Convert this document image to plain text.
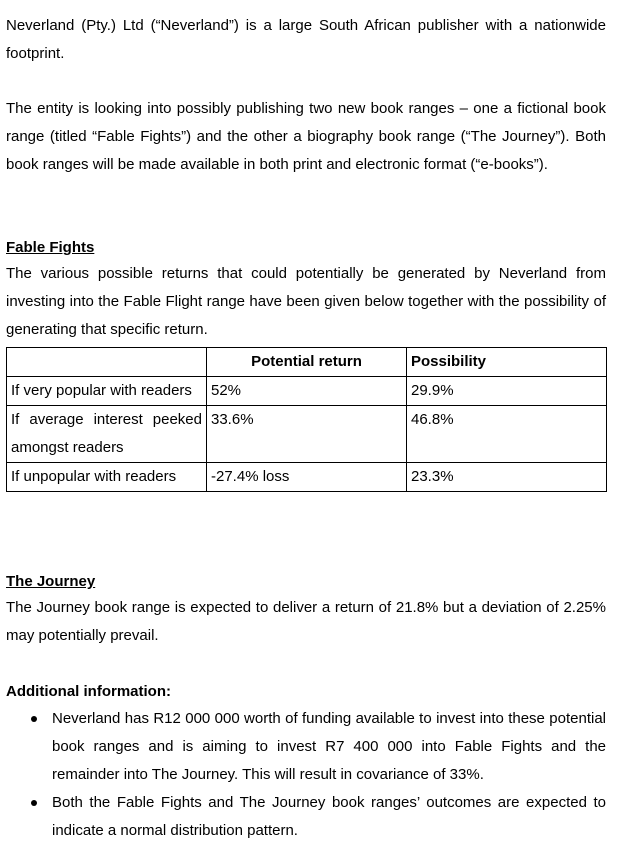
Neverland (Pty.) Ltd (“Neverland”) is a large South African publisher with a nationwide footprint.

The entity is looking into possibly publishing two new book ranges – one a fictional book range (titled “Fable Fights”) and the other a biography book range (“The Journey”). Both book ranges will be made available in both print and electronic format (“e-books”).

Fable Fights

The various possible returns that could potentially be generated by Neverland from investing into the Fable Flight range have been given below together with the possibility of generating that specific return.

	Potential return	Possibility
If very popular with readers	52%	29.9%
If average interest peeked amongst readers	33.6%	46.8%
If unpopular with readers	-27.4% loss	23.3%
The Journey

The Journey book range is expected to deliver a return of 21.8% but a deviation of 2.25% may potentially prevail.

Additional information:
Neverland has R12 000 000 worth of funding available to invest into these potential book ranges and is aiming to invest R7 400 000 into Fable Fights and the remainder into The Journey. This will result in covariance of 33%.
Both the Fable Fights and The Journey book ranges’ outcomes are expected to indicate a normal distribution pattern.
